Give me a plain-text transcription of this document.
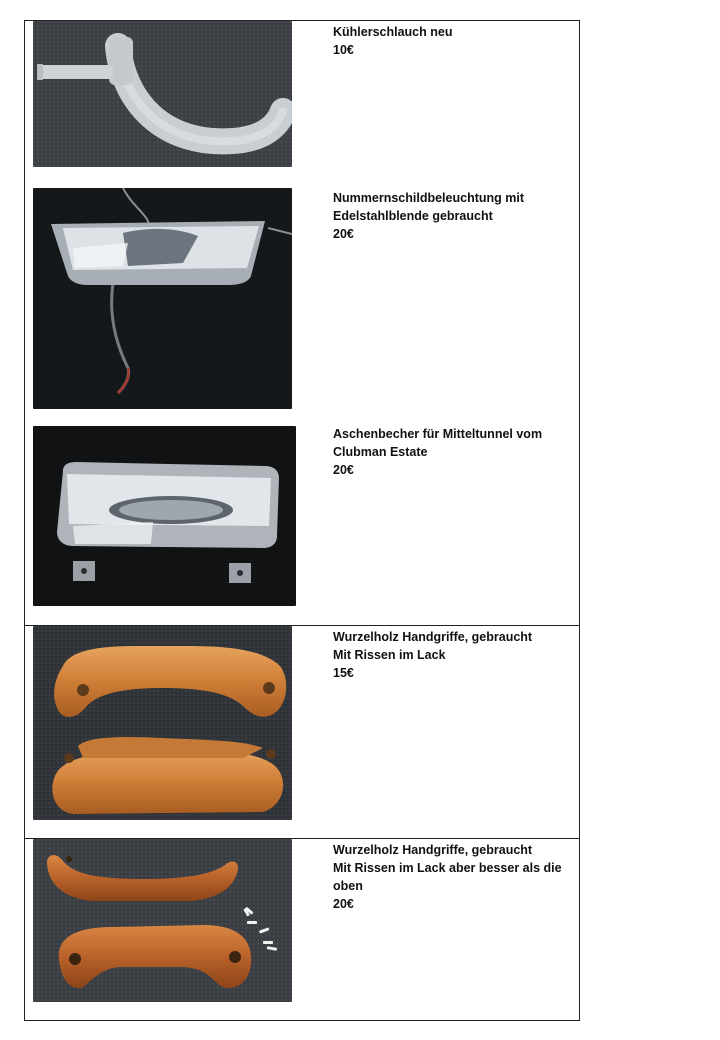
Kühlerschlauch neu
10€
Nummernschildbeleuchtung mit
Edelstahlblende gebraucht
20€
Aschenbecher für Mitteltunnel vom
Clubman Estate
20€
Wurzelholz Handgriffe, gebraucht
Mit Rissen im Lack
15€
Wurzelholz Handgriffe, gebraucht
Mit Rissen im Lack aber besser als die
oben
20€
